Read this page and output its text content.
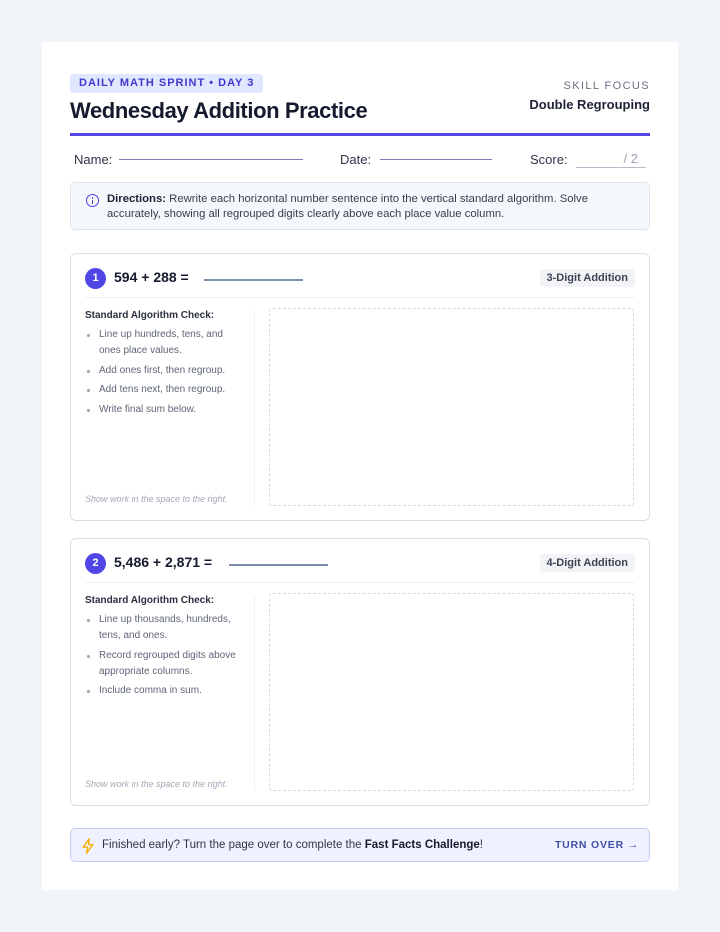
DAILY MATH SPRINT • DAY 3
Wednesday Addition Practice
SKILL FOCUS
Double Regrouping
Name:	Date:	Score:	/ 2

Directions: Rewrite each horizontal number sentence into the vertical standard algorithm. Solve accurately, showing all regrouped digits clearly above each place value column.

1	594 + 288 =	3-Digit Addition
Standard Algorithm Check:
Line up hundreds, tens, and ones place values.
Add ones first, then regroup.
Add tens next, then regroup.
Write final sum below.
Show work in the space to the right.
2	5,486 + 2,871 =	4-Digit Addition
Standard Algorithm Check:
Line up thousands, hundreds, tens, and ones.
Record regrouped digits above appropriate columns.
Include comma in sum.
Show work in the space to the right.
Finished early? Turn the page over to complete the Fast Facts Challenge!	TURN OVER →
